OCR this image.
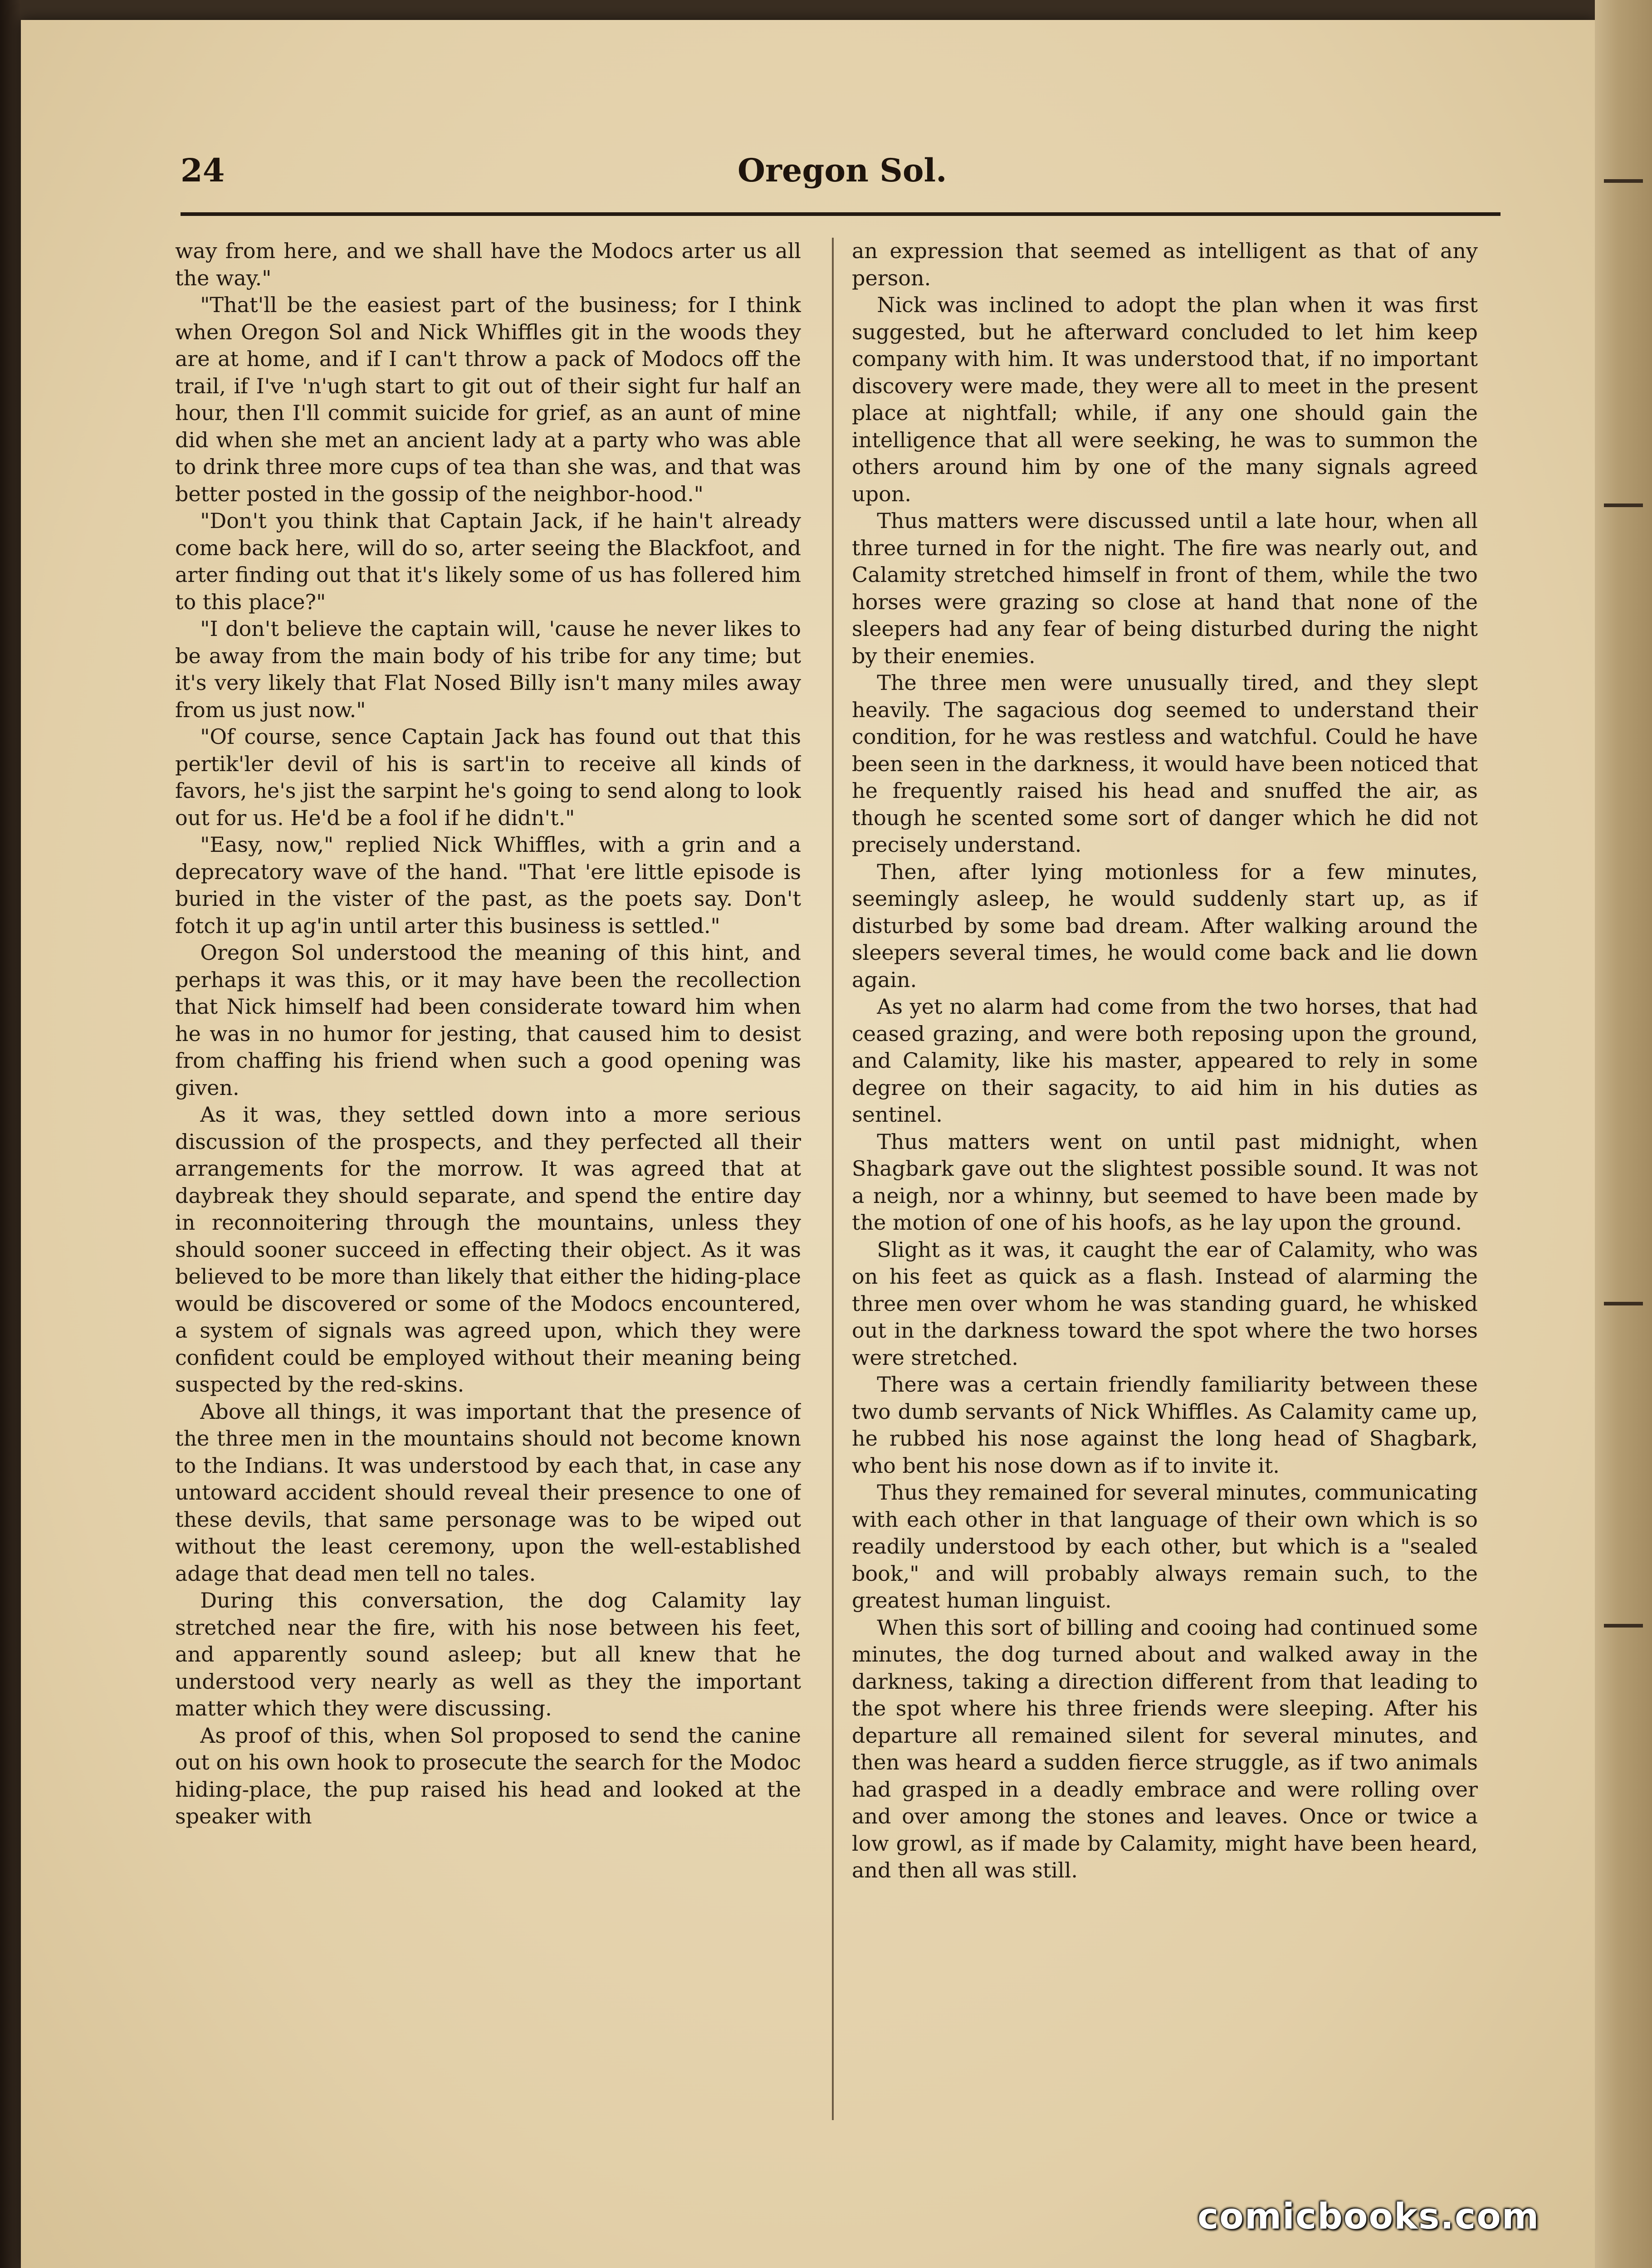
24	Oregon Sol.

way from here, and we shall have the Modocs arter us all the way."

"That'll be the easiest part of the business; for I think when Oregon Sol and Nick Whiffles git in the woods they are at home, and if I can't throw a pack of Modocs off the trail, if I've 'n'ugh start to git out of their sight fur half an hour, then I'll commit suicide for grief, as an aunt of mine did when she met an ancient lady at a party who was able to drink three more cups of tea than she was, and that was better posted in the gossip of the neighbor-hood."

"Don't you think that Captain Jack, if he hain't already come back here, will do so, arter seeing the Blackfoot, and arter finding out that it's likely some of us has follered him to this place?"

"I don't believe the captain will, 'cause he never likes to be away from the main body of his tribe for any time; but it's very likely that Flat Nosed Billy isn't many miles away from us just now."

"Of course, sence Captain Jack has found out that this pertik'ler devil of his is sart'in to receive all kinds of favors, he's jist the sarpint he's going to send along to look out for us. He'd be a fool if he didn't."

"Easy, now," replied Nick Whiffles, with a grin and a deprecatory wave of the hand. "That 'ere little episode is buried in the vister of the past, as the poets say. Don't fotch it up ag'in until arter this business is settled."

Oregon Sol understood the meaning of this hint, and perhaps it was this, or it may have been the recollection that Nick himself had been considerate toward him when he was in no humor for jesting, that caused him to desist from chaffing his friend when such a good opening was given.

As it was, they settled down into a more serious discussion of the prospects, and they perfected all their arrangements for the morrow. It was agreed that at daybreak they should separate, and spend the entire day in reconnoitering through the mountains, unless they should sooner succeed in effecting their object. As it was believed to be more than likely that either the hiding-place would be discovered or some of the Modocs encountered, a system of signals was agreed upon, which they were confident could be employed without their meaning being suspected by the red-skins.

Above all things, it was important that the presence of the three men in the mountains should not become known to the Indians. It was understood by each that, in case any untoward accident should reveal their presence to one of these devils, that same personage was to be wiped out without the least ceremony, upon the well-established adage that dead men tell no tales.

During this conversation, the dog Calamity lay stretched near the fire, with his nose between his feet, and apparently sound asleep; but all knew that he understood very nearly as well as they the important matter which they were discussing.

As proof of this, when Sol proposed to send the canine out on his own hook to prosecute the search for the Modoc hiding-place, the pup raised his head and looked at the speaker with

an expression that seemed as intelligent as that of any person.

Nick was inclined to adopt the plan when it was first suggested, but he afterward concluded to let him keep company with him. It was understood that, if no important discovery were made, they were all to meet in the present place at nightfall; while, if any one should gain the intelligence that all were seeking, he was to summon the others around him by one of the many signals agreed upon.

Thus matters were discussed until a late hour, when all three turned in for the night. The fire was nearly out, and Calamity stretched himself in front of them, while the two horses were grazing so close at hand that none of the sleepers had any fear of being disturbed during the night by their enemies.

The three men were unusually tired, and they slept heavily. The sagacious dog seemed to understand their condition, for he was restless and watchful. Could he have been seen in the darkness, it would have been noticed that he frequently raised his head and snuffed the air, as though he scented some sort of danger which he did not precisely understand.

Then, after lying motionless for a few minutes, seemingly asleep, he would suddenly start up, as if disturbed by some bad dream. After walking around the sleepers several times, he would come back and lie down again.

As yet no alarm had come from the two horses, that had ceased grazing, and were both reposing upon the ground, and Calamity, like his master, appeared to rely in some degree on their sagacity, to aid him in his duties as sentinel.

Thus matters went on until past midnight, when Shagbark gave out the slightest possible sound. It was not a neigh, nor a whinny, but seemed to have been made by the motion of one of his hoofs, as he lay upon the ground.

Slight as it was, it caught the ear of Calamity, who was on his feet as quick as a flash. Instead of alarming the three men over whom he was standing guard, he whisked out in the darkness toward the spot where the two horses were stretched.

There was a certain friendly familiarity between these two dumb servants of Nick Whiffles. As Calamity came up, he rubbed his nose against the long head of Shagbark, who bent his nose down as if to invite it.

Thus they remained for several minutes, communicating with each other in that language of their own which is so readily understood by each other, but which is a "sealed book," and will probably always remain such, to the greatest human linguist.

When this sort of billing and cooing had continued some minutes, the dog turned about and walked away in the darkness, taking a direction different from that leading to the spot where his three friends were sleeping. After his departure all remained silent for several minutes, and then was heard a sudden fierce struggle, as if two animals had grasped in a deadly embrace and were rolling over and over among the stones and leaves. Once or twice a low growl, as if made by Calamity, might have been heard, and then all was still.

comicbooks.com
